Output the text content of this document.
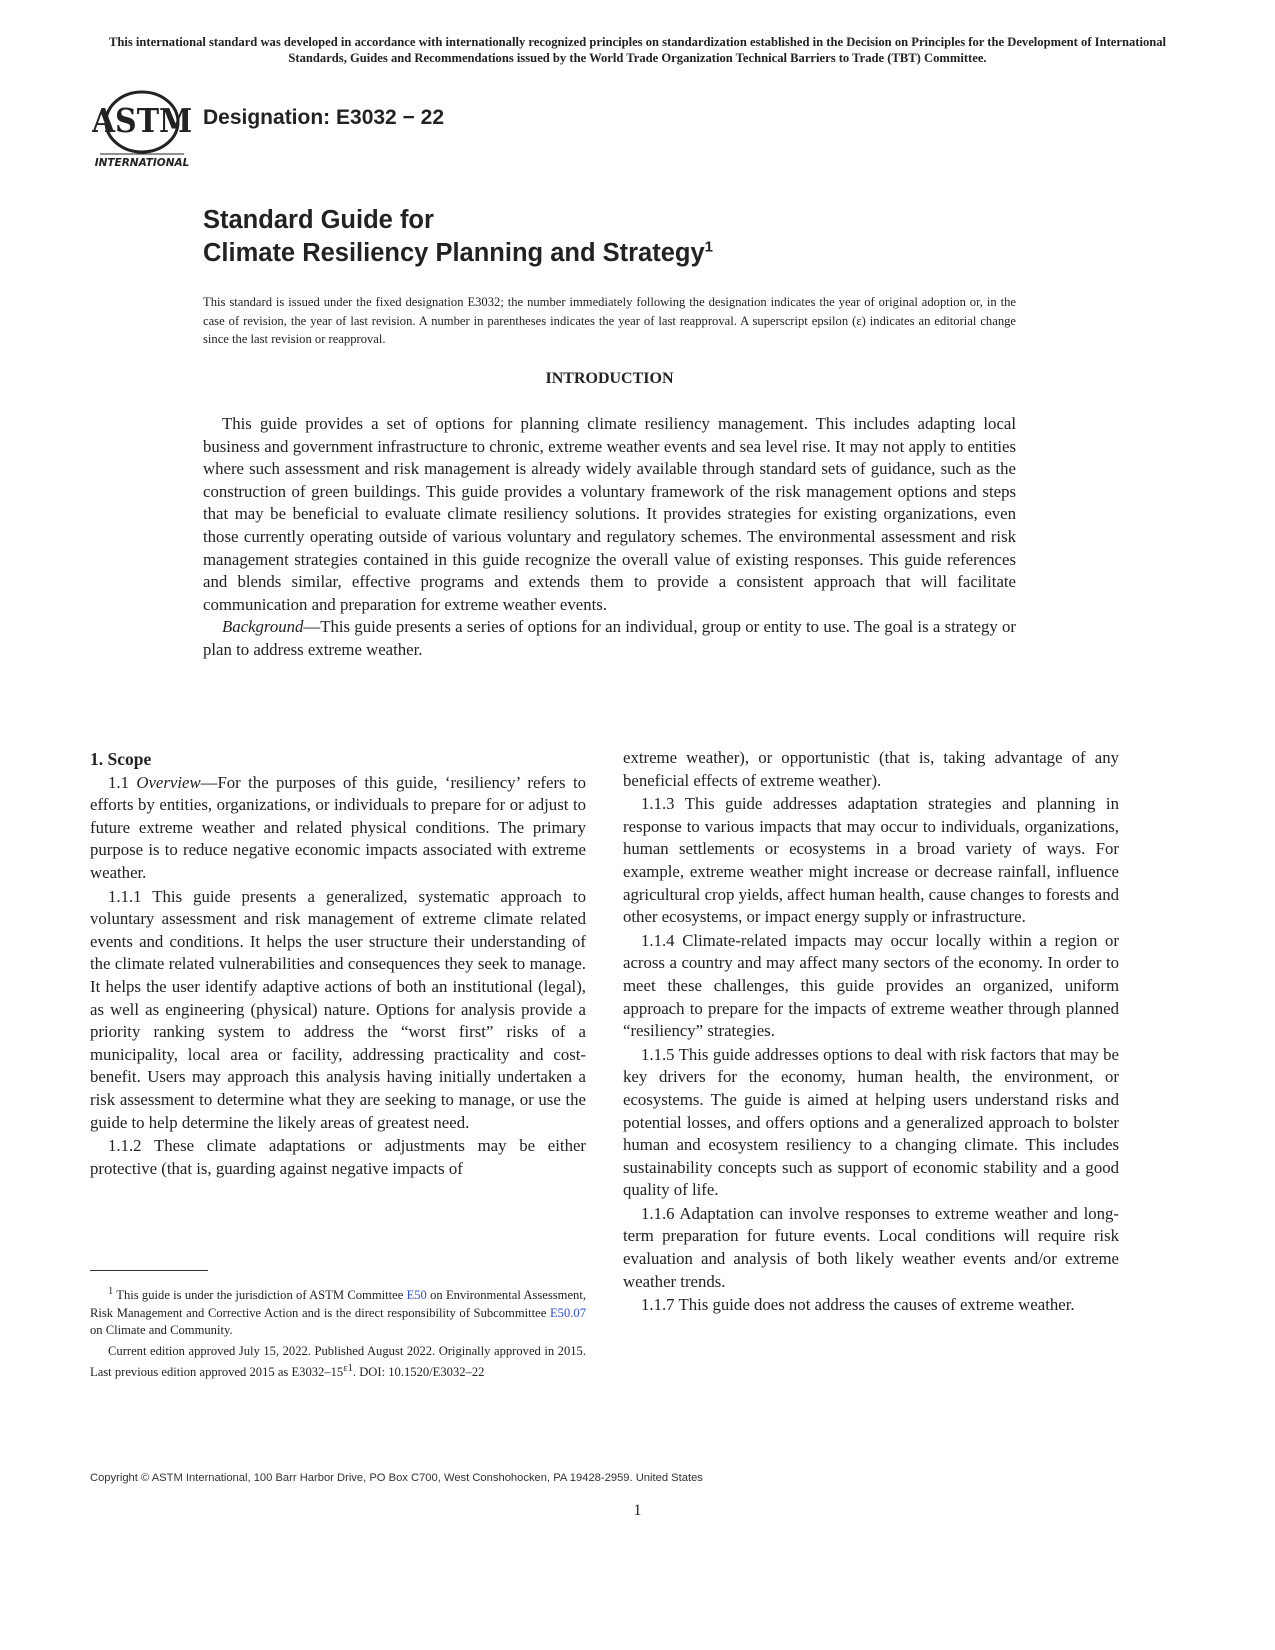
This international standard was developed in accordance with internationally recognized principles on standardization established in the Decision on Principles for the Development of International Standards, Guides and Recommendations issued by the World Trade Organization Technical Barriers to Trade (TBT) Committee.
ASTM
INTERNATIONAL
Designation: E3032 − 22
Standard Guide for
Climate Resiliency Planning and Strategy$^1$
This standard is issued under the fixed designation E3032; the number immediately following the designation indicates the year of original adoption or, in the case of revision, the year of last revision. A number in parentheses indicates the year of last reapproval. A superscript epsilon (ε) indicates an editorial change since the last revision or reapproval.
INTRODUCTION

This guide provides a set of options for planning climate resiliency management. This includes adapting local business and government infrastructure to chronic, extreme weather events and sea level rise. It may not apply to entities where such assessment and risk management is already widely available through standard sets of guidance, such as the construction of green buildings. This guide provides a voluntary framework of the risk management options and steps that may be beneficial to evaluate climate resiliency solutions. It provides strategies for existing organizations, even those currently operating outside of various voluntary and regulatory schemes. The environmental assessment and risk management strategies contained in this guide recognize the overall value of existing responses. This guide references and blends similar, effective programs and extends them to provide a consistent approach that will facilitate communication and preparation for extreme weather events.

Background—This guide presents a series of options for an individual, group or entity to use. The goal is a strategy or plan to address extreme weather.

1. Scope

1.1 Overview—For the purposes of this guide, ‘resiliency’ refers to efforts by entities, organizations, or individuals to prepare for or adjust to future extreme weather and related physical conditions. The primary purpose is to reduce negative economic impacts associated with extreme weather.

1.1.1 This guide presents a generalized, systematic approach to voluntary assessment and risk management of extreme climate related events and conditions. It helps the user structure their understanding of the climate related vulnerabilities and consequences they seek to manage. It helps the user identify adaptive actions of both an institutional (legal), as well as engineering (physical) nature. Options for analysis provide a priority ranking system to address the “worst first” risks of a municipality, local area or facility, addressing practicality and cost-benefit. Users may approach this analysis having initially undertaken a risk assessment to determine what they are seeking to manage, or use the guide to help determine the likely areas of greatest need.

1.1.2 These climate adaptations or adjustments may be either protective (that is, guarding against negative impacts of

$^1$ This guide is under the jurisdiction of ASTM Committee E50 on Environmental Assessment, Risk Management and Corrective Action and is the direct responsibility of Subcommittee E50.07 on Climate and Community.

Current edition approved July 15, 2022. Published August 2022. Originally approved in 2015. Last previous edition approved 2015 as $E3032-15^{\varepsilon 1}$. DOI: 10.1520/E3032–22

extreme weather), or opportunistic (that is, taking advantage of any beneficial effects of extreme weather).

1.1.3 This guide addresses adaptation strategies and planning in response to various impacts that may occur to individuals, organizations, human settlements or ecosystems in a broad variety of ways. For example, extreme weather might increase or decrease rainfall, influence agricultural crop yields, affect human health, cause changes to forests and other ecosystems, or impact energy supply or infrastructure.

1.1.4 Climate-related impacts may occur locally within a region or across a country and may affect many sectors of the economy. In order to meet these challenges, this guide provides an organized, uniform approach to prepare for the impacts of extreme weather through planned “resiliency” strategies.

1.1.5 This guide addresses options to deal with risk factors that may be key drivers for the economy, human health, the environment, or ecosystems. The guide is aimed at helping users understand risks and potential losses, and offers options and a generalized approach to bolster human and ecosystem resiliency to a changing climate. This includes sustainability concepts such as support of economic stability and a good quality of life.

1.1.6 Adaptation can involve responses to extreme weather and long-term preparation for future events. Local conditions will require risk evaluation and analysis of both likely weather events and/or extreme weather trends.

1.1.7 This guide does not address the causes of extreme weather.

Copyright © ASTM International, 100 Barr Harbor Drive, PO Box C700, West Conshohocken, PA 19428-2959. United States
1
